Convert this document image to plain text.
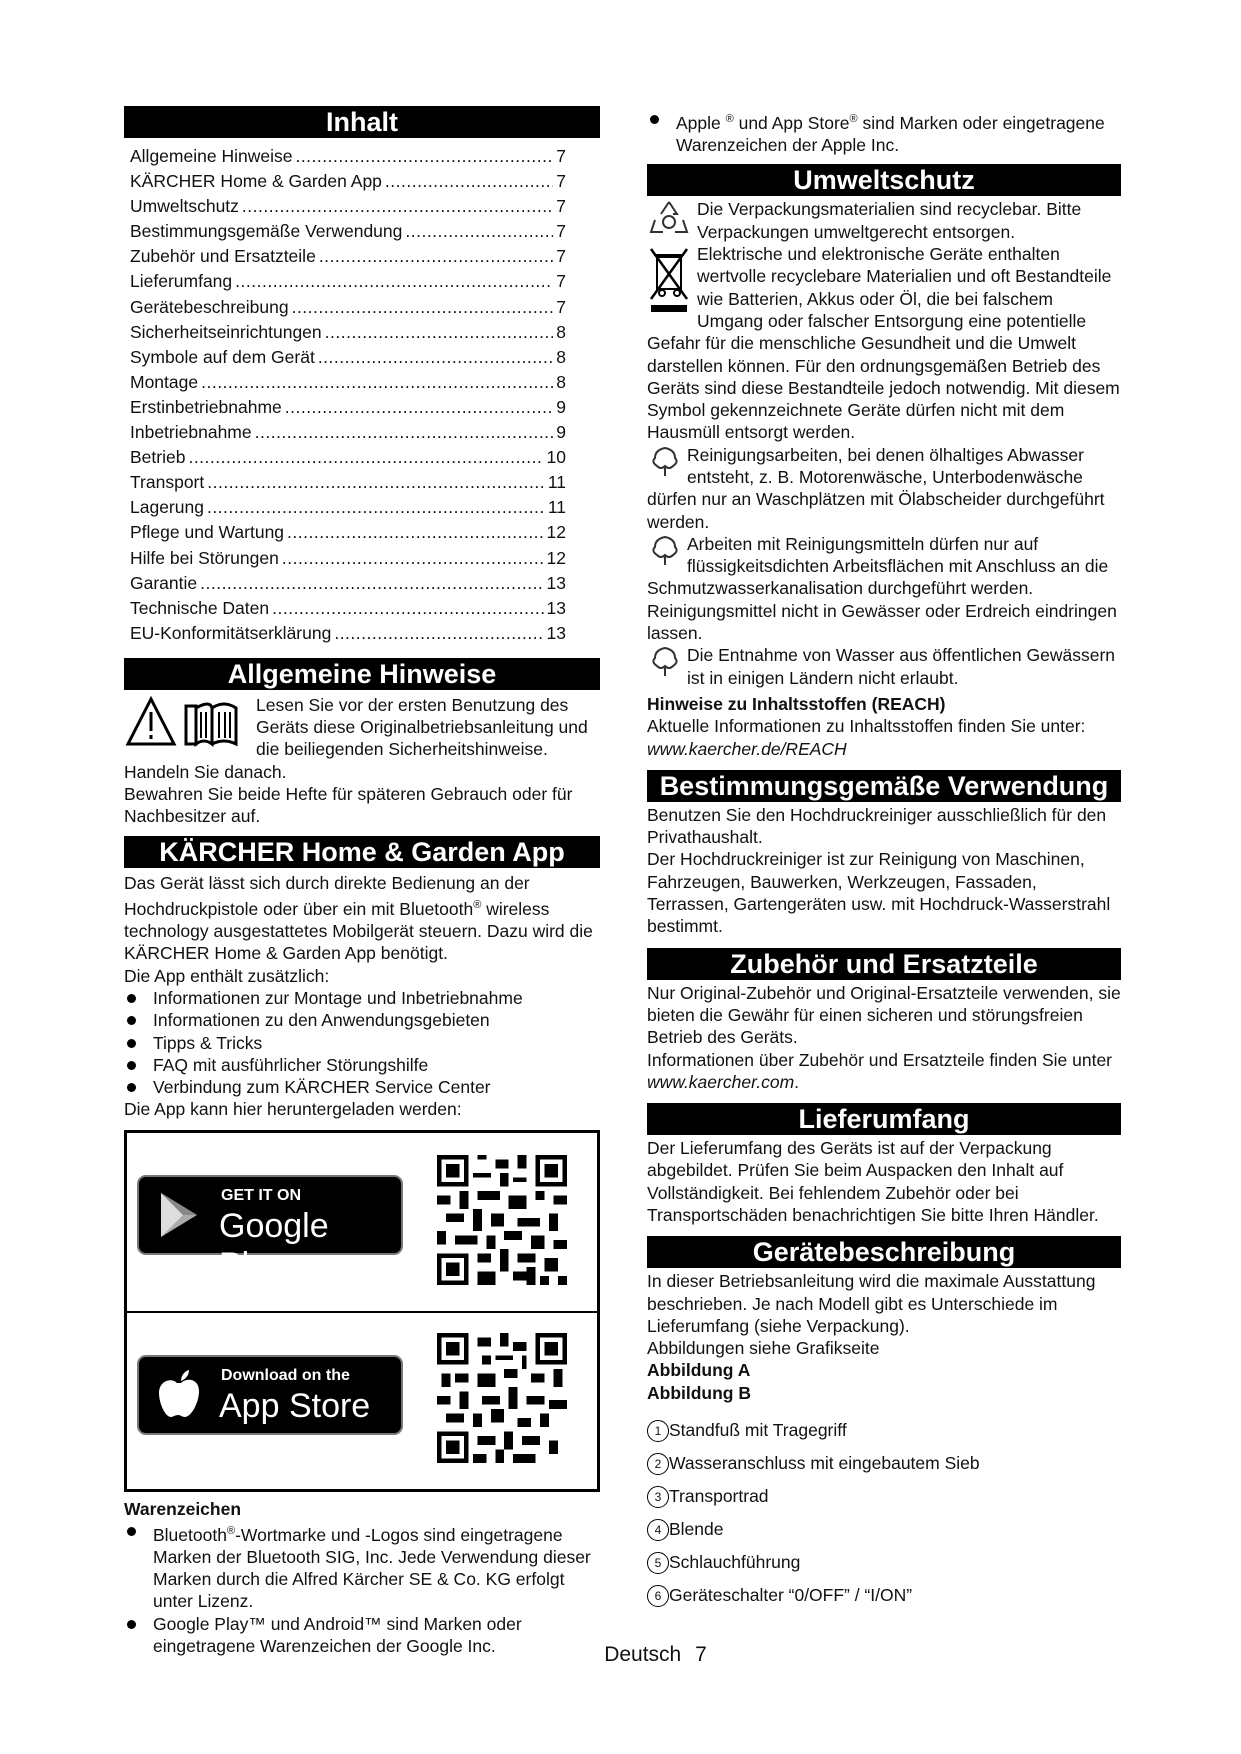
Inhalt
Allgemeine Hinweise .....	7
KÄRCHER Home & Garden App .....	7
Umweltschutz .....	7
Bestimmungsgemäße Verwendung .....	7
Zubehör und Ersatzteile .....	7
Lieferumfang .....	7
Gerätebeschreibung .....	7
Sicherheitseinrichtungen .....	8
Symbole auf dem Gerät .....	8
Montage .....	8
Erstinbetriebnahme .....	9
Inbetriebnahme .....	9
Betrieb .....	10
Transport .....	11
Lagerung .....	11
Pflege und Wartung .....	12
Hilfe bei Störungen .....	12
Garantie .....	13
Technische Daten .....	13
EU-Konformitätserklärung .....	13
Allgemeine Hinweise

Lesen Sie vor der ersten Benutzung des Geräts diese Originalbetriebsanleitung und die beiliegenden Sicherheitshinweise. Handeln Sie danach.

Bewahren Sie beide Hefte für späteren Gebrauch oder für Nachbesitzer auf.

KÄRCHER Home & Garden App

Das Gerät lässt sich durch direkte Bedienung an der Hochdruckpistole oder über ein mit Bluetooth® wireless technology ausgestattetes Mobilgerät steuern. Dazu wird die KÄRCHER Home & Garden App benötigt.

Die App enthält zusätzlich:

Informationen zur Montage und Inbetriebnahme
Informationen zu den Anwendungsgebieten
Tipps & Tricks
FAQ mit ausführlicher Störungshilfe
Verbindung zum KÄRCHER Service Center

Die App kann hier heruntergeladen werden:

GET IT ON
Google Play
Download on the
App Store
Warenzeichen
Bluetooth®-Wortmarke und -Logos sind eingetragene Marken der Bluetooth SIG, Inc. Jede Verwendung dieser Marken durch die Alfred Kärcher SE & Co. KG erfolgt unter Lizenz.
Google Play™ und Android™ sind Marken oder eingetragene Warenzeichen der Google Inc.
Apple ® und App Store® sind Marken oder eingetragene Warenzeichen der Apple Inc.
Umweltschutz

Die Verpackungsmaterialien sind recyclebar. Bitte Verpackungen umweltgerecht entsorgen.

Elektrische und elektronische Geräte enthalten wertvolle recyclebare Materialien und oft Bestandteile wie Batterien, Akkus oder Öl, die bei falschem Umgang oder falscher Entsorgung eine potentielle Gefahr für die menschliche Gesundheit und die Umwelt darstellen können. Für den ordnungsgemäßen Betrieb des Geräts sind diese Bestandteile jedoch notwendig. Mit diesem Symbol gekennzeichnete Geräte dürfen nicht mit dem Hausmüll entsorgt werden.

Reinigungsarbeiten, bei denen ölhaltiges Abwasser entsteht, z. B. Motorenwäsche, Unterbodenwäsche dürfen nur an Waschplätzen mit Ölabscheider durchgeführt werden.

Arbeiten mit Reinigungsmitteln dürfen nur auf flüssigkeitsdichten Arbeitsflächen mit Anschluss an die Schmutzwasserkanalisation durchgeführt werden. Reinigungsmittel nicht in Gewässer oder Erdreich eindringen lassen.

Die Entnahme von Wasser aus öffentlichen Gewässern ist in einigen Ländern nicht erlaubt.

Hinweise zu Inhaltsstoffen (REACH)

Aktuelle Informationen zu Inhaltsstoffen finden Sie unter: www.kaercher.de/REACH

Bestimmungsgemäße Verwendung

Benutzen Sie den Hochdruckreiniger ausschließlich für den Privathaushalt.

Der Hochdruckreiniger ist zur Reinigung von Maschinen, Fahrzeugen, Bauwerken, Werkzeugen, Fassaden, Terrassen, Gartengeräten usw. mit Hochdruck-Wasserstrahl bestimmt.

Zubehör und Ersatzteile

Nur Original-Zubehör und Original-Ersatzteile verwenden, sie bieten die Gewähr für einen sicheren und störungsfreien Betrieb des Geräts.

Informationen über Zubehör und Ersatzteile finden Sie unter www.kaercher.com.

Lieferumfang

Der Lieferumfang des Geräts ist auf der Verpackung abgebildet. Prüfen Sie beim Auspacken den Inhalt auf Vollständigkeit. Bei fehlendem Zubehör oder bei Transportschäden benachrichtigen Sie bitte Ihren Händler.

Gerätebeschreibung

In dieser Betriebsanleitung wird die maximale Ausstattung beschrieben. Je nach Modell gibt es Unterschiede im Lieferumfang (siehe Verpackung).

Abbildungen siehe Grafikseite

Abbildung A

Abbildung B

1 Standfuß mit Tragegriff
2 Wasseranschluss mit eingebautem Sieb
3 Transportrad
4 Blende
5 Schlauchführung
6 Geräteschalter “0/OFF” / “I/ON”
Deutsch 7
